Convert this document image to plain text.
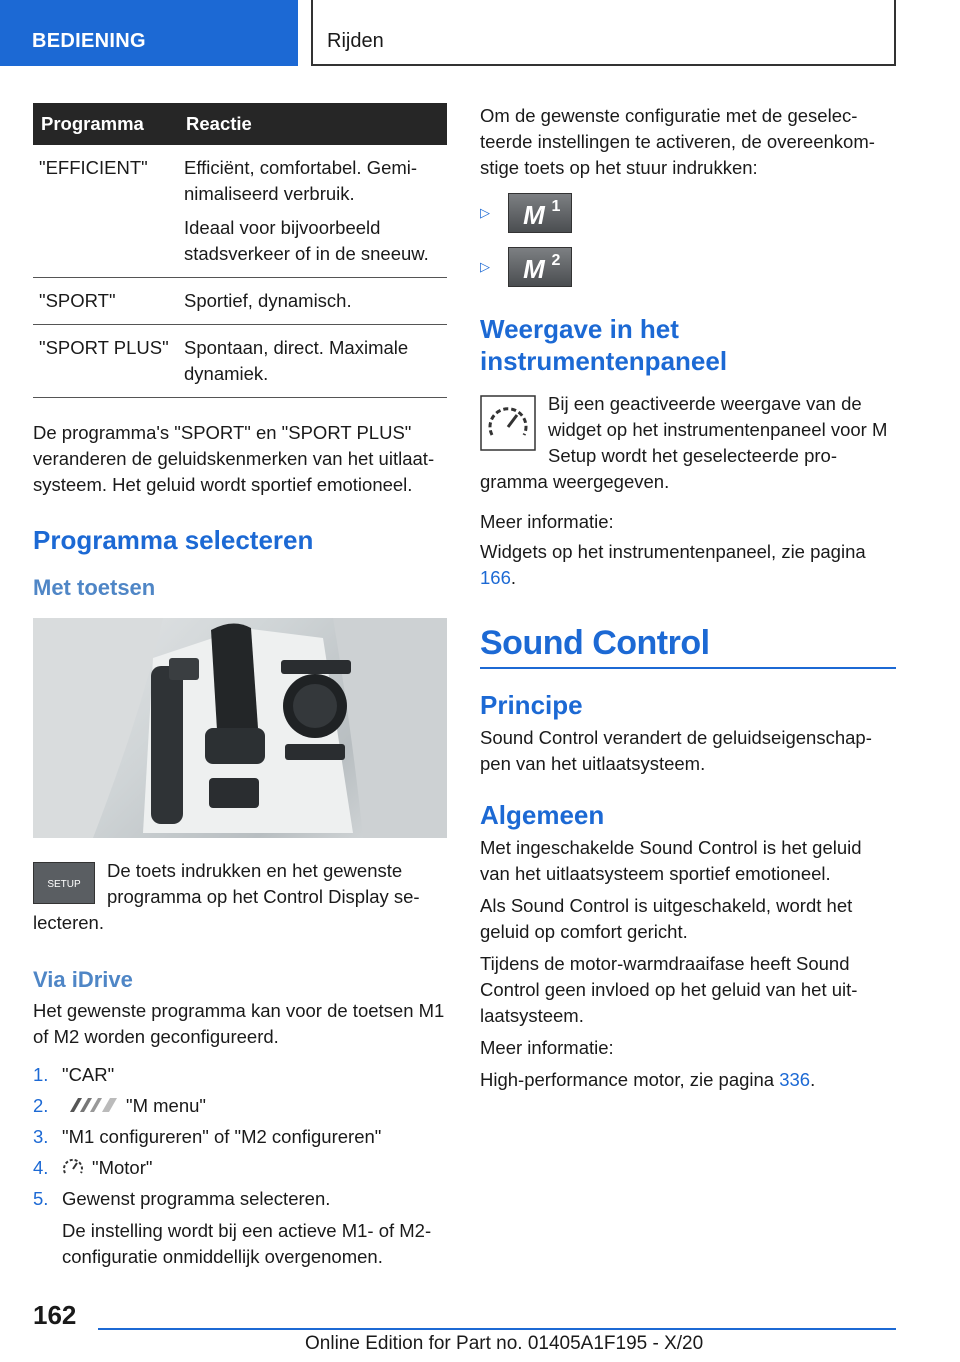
BEDIENING	Rijden
Programma	Reactie
"EFFICIENT"	Efficiënt, comfortabel. Geminimaliseerd verbruik.

Ideaal voor bijvoorbeeld stadsverkeer of in de sneeuw.

"SPORT"	Sportief, dynamisch.

"SPORT PLUS"	Spontaan, direct. Maximale dynamiek.

De programma's "SPORT" en "SPORT PLUS" veranderen de geluidskenmerken van het uitlaatsysteem. Het geluid wordt sportief emotioneel.

Programma selecteren
Met toetsen
SETUP

De toets indrukken en het gewenste programma op het Control Display selecteren.

Via iDrive

Het gewenste programma kan voor de toetsen M1 of M2 worden geconfigureerd.

1. "CAR"
2.	"M menu"
3. "M1 configureren" of "M2 configureren"
4. "Motor"
5. Gewenst programma selecteren.

De instelling wordt bij een actieve M1- of M2-configuratie onmiddellijk overgenomen.

Om de gewenste configuratie met de geselecteerde instellingen te activeren, de overeenkomstige toets op het stuur indrukken:

▷	M 1
▷	M 2
Weergave in het instrumentenpaneel

Bij een geactiveerde weergave van de widget op het instrumentenpaneel voor M Setup wordt het geselecteerde programma weergegeven.

Meer informatie:

Widgets op het instrumentenpaneel, zie pagina 166.

Sound Control
Principe

Sound Control verandert de geluidseigenschappen van het uitlaatsysteem.

Algemeen

Met ingeschakelde Sound Control is het geluid van het uitlaatsysteem sportief emotioneel.

Als Sound Control is uitgeschakeld, wordt het geluid op comfort gericht.

Tijdens de motor-warmdraaifase heeft Sound Control geen invloed op het geluid van het uitlaatsysteem.

Meer informatie:

High-performance motor, zie pagina 336.

162
Online Edition for Part no. 01405A1F195 - X/20
